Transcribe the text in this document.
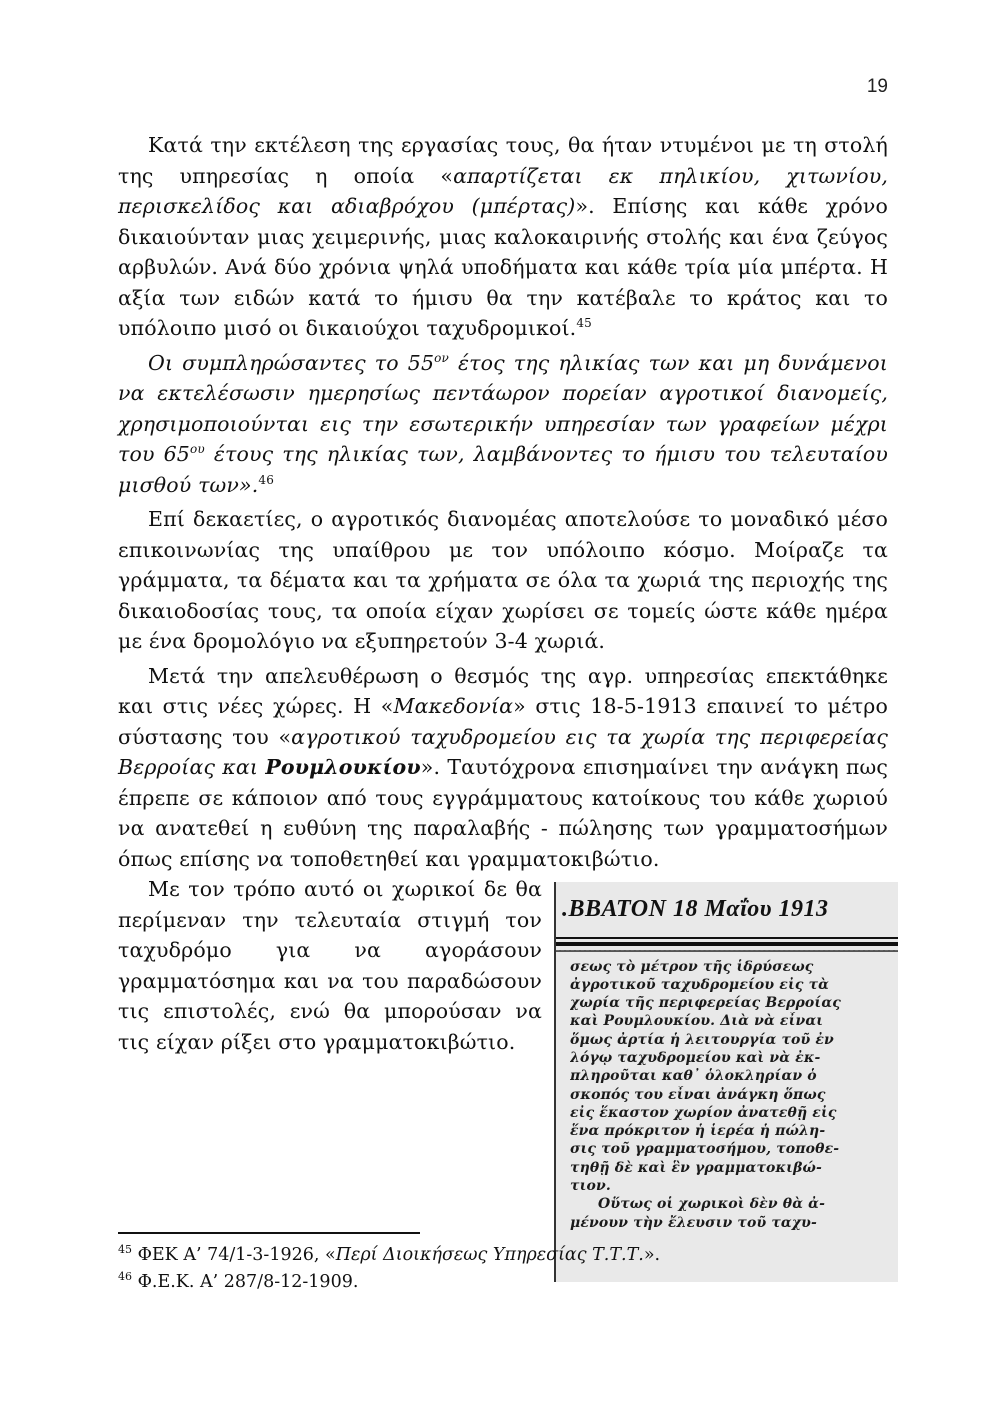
19

Κατά την εκτέλεση της εργασίας τους, θα ήταν ντυμένοι με τη στολή της υπηρεσίας η οποία «απαρτίζεται εκ πηλικίου, χιτωνίου, περισκελίδος και αδιαβρόχου (μπέρτας)». Επίσης και κάθε χρόνο δικαιούνταν μιας χειμερινής, μιας καλοκαιρινής στολής και ένα ζεύγος αρβυλών. Ανά δύο χρόνια ψηλά υποδήματα και κάθε τρία μία μπέρτα. Η αξία των ειδών κατά το ήμισυ θα την κατέβαλε το κράτος και το υπόλοιπο μισό οι δικαιούχοι ταχυδρομικοί.$^{45}$

Οι συμπληρώσαντες το $55^{o\nu}$ έτος της ηλικίας των και μη δυνάμενοι να εκτελέσωσιν ημερησίως πεντάωρον πορείαν αγροτικοί διανομείς, χρησιμοποιούνται εις την εσωτερικήν υπηρεσίαν των γραφείων μέχρι του $65^{o\upsilon}$ έτους της ηλικίας των, λαμβάνοντες το ήμισυ του τελευταίου μισθού των».$^{46}$

Επί δεκαετίες, ο αγροτικός διανομέας αποτελούσε το μοναδικό μέσο επικοινωνίας της υπαίθρου με τον υπόλοιπο κόσμο. Μοίραζε τα γράμματα, τα δέματα και τα χρήματα σε όλα τα χωριά της περιοχής της δικαιοδοσίας τους, τα οποία είχαν χωρίσει σε τομείς ώστε κάθε ημέρα με ένα δρομολόγιο να εξυπηρετούν 3-4 χωριά.

Μετά την απελευθέρωση ο θεσμός της αγρ. υπηρεσίας επεκτάθηκε και στις νέες χώρες. Η «Μακεδονία» στις 18-5-1913 επαινεί το μέτρο σύστασης του «αγροτικού ταχυδρομείου εις τα χωρία της περιφερείας Βερροίας και Ρουμλουκίου». Ταυτόχρονα επισημαίνει την ανάγκη πως έπρεπε σε κάποιον από τους εγγράμματους κατοίκους του κάθε χωριού να ανατεθεί η ευθύνη της παραλαβής - πώλησης των γραμματοσήμων όπως επίσης να τοποθετηθεί και γραμματοκιβώτιο.

.ΒΒΑΤΟΝ 18 Μαΐου 1913
σεως τὸ μέτρον τῆς ἱδρύσεως
ἀγροτικοῦ ταχυδρομείου εἰς τὰ
χωρία τῆς περιφερείας Βερροίας
καὶ Ρουμλουκίου. Διὰ νὰ εἶναι
ὅμως ἀρτία ἡ λειτουργία τοῦ ἐν
λόγῳ ταχυδρομείου καὶ νὰ ἐκ-
πληροῦται καθ᾽ ὁλοκληρίαν ὁ
σκοπός του εἶναι ἀνάγκη ὅπως
εἰς ἕκαστον χωρίον ἀνατεθῇ εἰς
ἕνα πρόκριτον ἡ ἱερέα ἡ πώλη-
σις τοῦ γραμματοσήμου, τοποθε-
τηθῇ δὲ καὶ ἓν γραμματοκιβώ-
τιον.
Οὕτως οἱ χωρικοὶ δὲν θὰ ἀ-
μένουν τὴν ἔλευσιν τοῦ ταχυ-

Με τον τρόπο αυτό οι χωρικοί δε θα περίμεναν την τελευταία στιγμή τον ταχυδρόμο για να αγοράσουν γραμματόσημα και να του παραδώσουν τις επιστολές, ενώ θα μπορούσαν να τις είχαν ρίξει στο γραμματοκιβώτιο.

$^{45}$ ΦΕΚ Α’ 74/1-3-1926, «Περί Διοικήσεως Υπηρεσίας Τ.Τ.Τ.».

$^{46}$ Φ.Ε.Κ. Α’ 287/8-12-1909.
